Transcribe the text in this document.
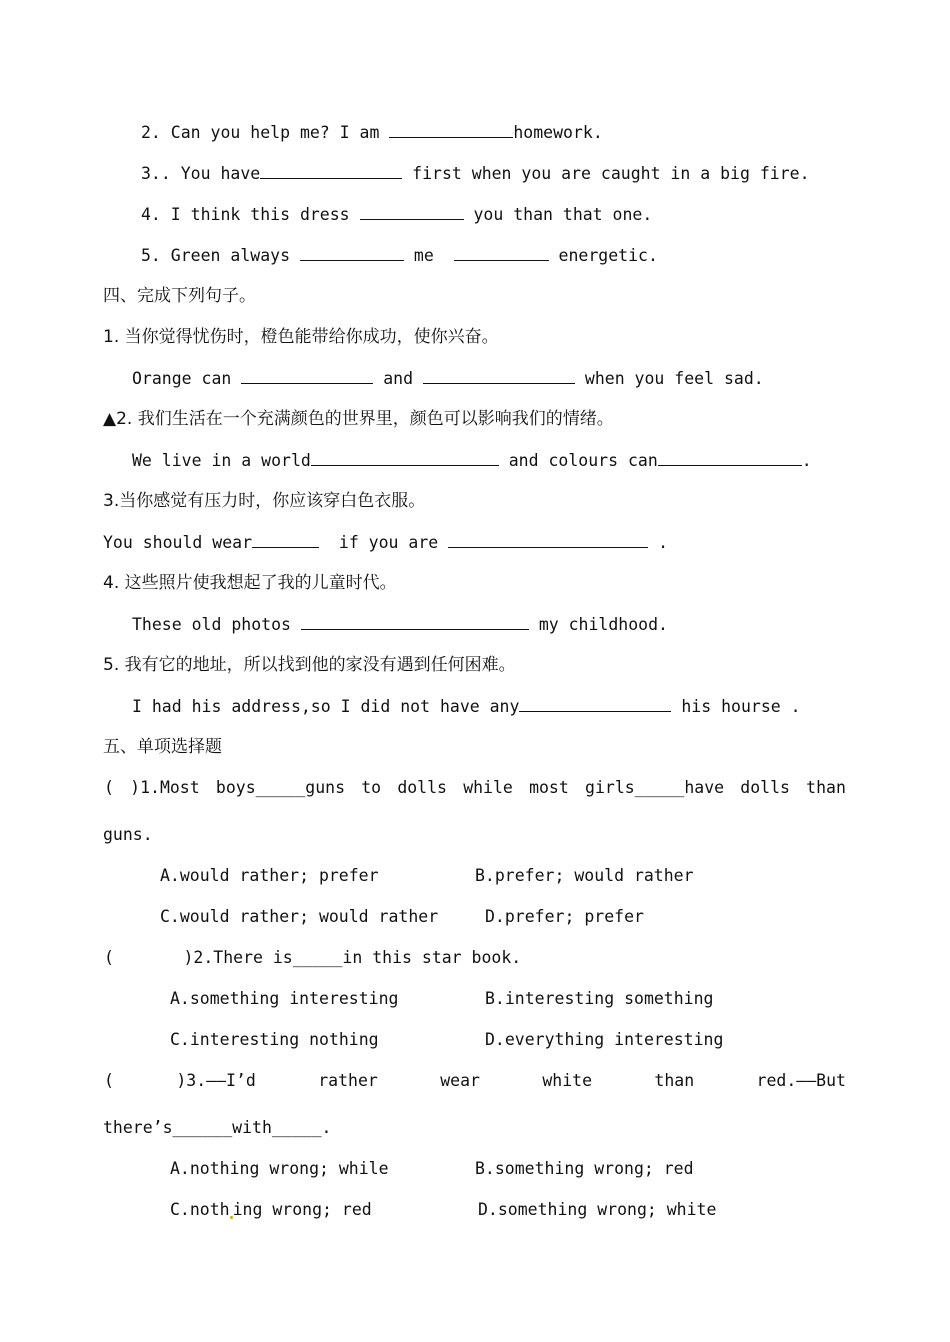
2. Can you help me? I am	homework.
3.. You have	first when you are caught in a big fire.
4. I think this dress	you than that one.
5. Green always	me	energetic.
四、完成下列句子。
1. 当你觉得忧伤时，橙色能带给你成功，使你兴奋。
Orange can	and	when you feel sad.
▲2. 我们生活在一个充满颜色的世界里，颜色可以影响我们的情绪。
We live in a world	and colours can	.
3.当你感觉有压力时，你应该穿白色衣服。
You should wear	if you are	.
4. 这些照片使我想起了我的儿童时代。
These old photos	my childhood.
5. 我有它的地址，所以找到他的家没有遇到任何困难。
I had his address,so I did not have any	his hourse .
五、单项选择题
( )1.Most boys_____guns to dolls while most girls_____have dolls than
guns.
A.would rather; prefer	B.prefer; would rather
C.would rather; would rather	D.prefer; prefer
(       )2.There is_____in this star book.
A.something interesting	B.interesting something
C.interesting nothing	D.everything interesting
(	)3.——I’d	rather	wear	white	than	red.——But
there’s______with_____.
A.nothing wrong; while	B.something wrong; red
C.noth ing wrong; red	D.something wrong; white
